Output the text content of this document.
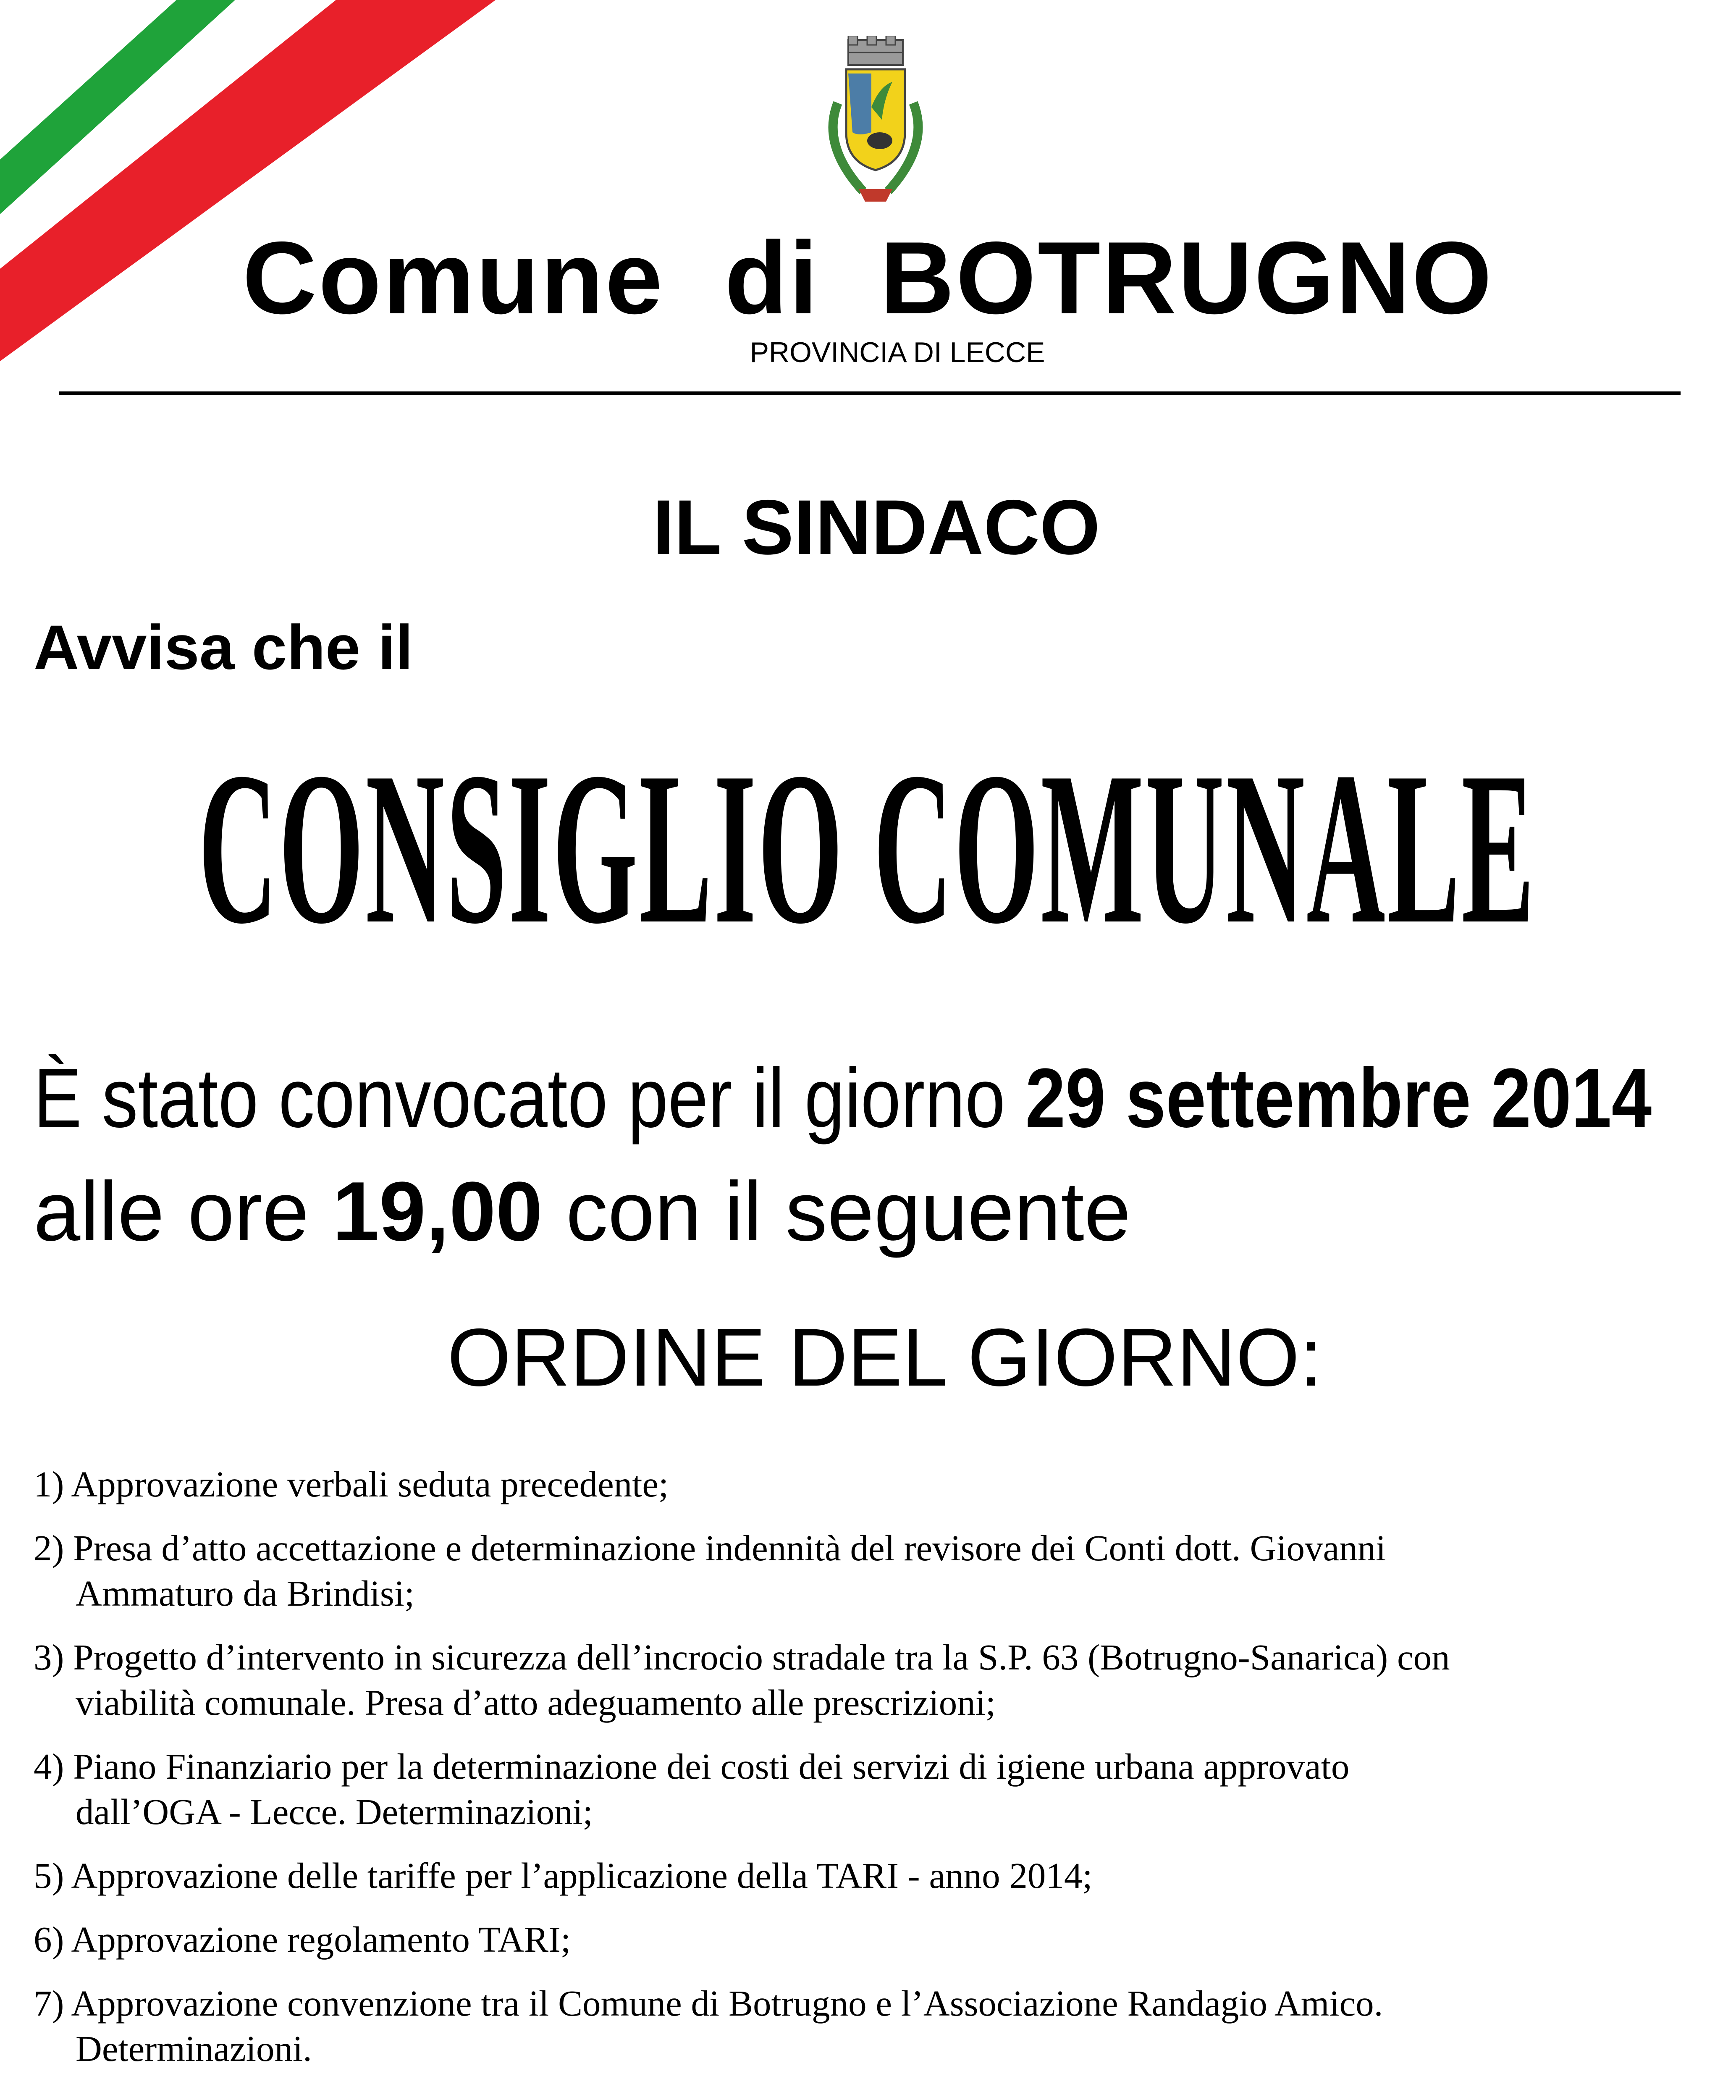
Comune  di  BOTRUGNO
PROVINCIA DI LECCE
IL SINDACO
Avvisa che il
CONSIGLIO COMUNALE
È stato convocato per il giorno 29 settembre 2014
alle ore 19,00 con il seguente
ORDINE DEL GIORNO:
1) Approvazione verbali seduta precedente;
2) Presa d’atto accettazione e determinazione indennità del revisore dei Conti dott. Giovanni
Ammaturo da Brindisi;
3) Progetto d’intervento in sicurezza dell’incrocio stradale tra la S.P. 63 (Botrugno-Sanarica) con
viabilità comunale. Presa d’atto adeguamento alle prescrizioni;
4) Piano Finanziario per la determinazione dei costi dei servizi di igiene urbana approvato
dall’OGA - Lecce. Determinazioni;
5) Approvazione delle tariffe per l’applicazione della TARI - anno 2014;
6) Approvazione regolamento TARI;
7) Approvazione convenzione tra il Comune di Botrugno e l’Associazione Randagio Amico.
Determinazioni.
